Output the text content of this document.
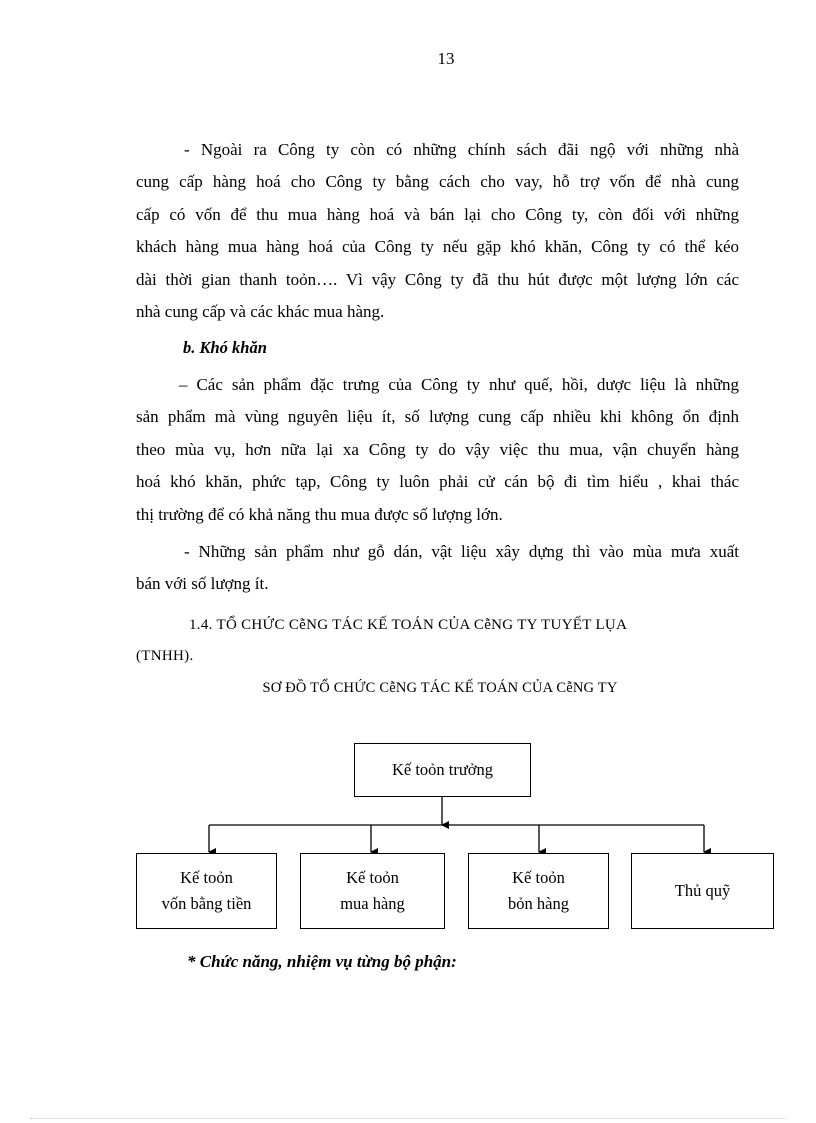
13

- Ngoài ra Công ty còn có những chính sách đãi ngộ với những nhà
cung cấp hàng hoá cho Công ty bằng cách cho vay, hỗ trợ vốn để nhà cung
cấp có vốn để thu mua hàng hoá và bán lại cho Công ty, còn đối với những
khách hàng mua hàng hoá của Công ty nếu gặp khó khăn, Công ty có thể kéo
dài thời gian thanh toỏn…. Vì vậy Công ty đã thu hút được một lượng lớn các
nhà cung cấp và các khác mua hàng.

b. Khó khăn

– Các sản phẩm đặc trưng của Công ty như quế, hồi, dược liệu là những
sản phẩm mà vùng nguyên liệu ít, số lượng cung cấp nhiều khi không ổn định
theo mùa vụ, hơn nữa lại xa Công ty do vậy việc thu mua, vận chuyển hàng
hoá khó khăn, phức tạp, Công ty luôn phải cử cán bộ đi tìm hiểu , khai thác
thị trường để có khả năng thu mua được số lượng lớn.

- Những sản phẩm như gỗ dán, vật liệu xây dựng thì vào mùa mưa xuất
bán với số lượng ít.

1.4. TỔ CHỨC CễNG TÁC KẾ TOÁN CỦA CễNG TY TUYẾT LỤA
(TNHH).
SƠ ĐỒ TỔ CHỨC CễNG TÁC KẾ TOÁN CỦA CễNG TY
Kế toỏn trưởng
Kế toỏn
vốn bằng tiền
Kế toỏn
mua hàng
Kế toỏn
bỏn hàng
Thủ quỹ
* Chức năng, nhiệm vụ từng bộ phận:
